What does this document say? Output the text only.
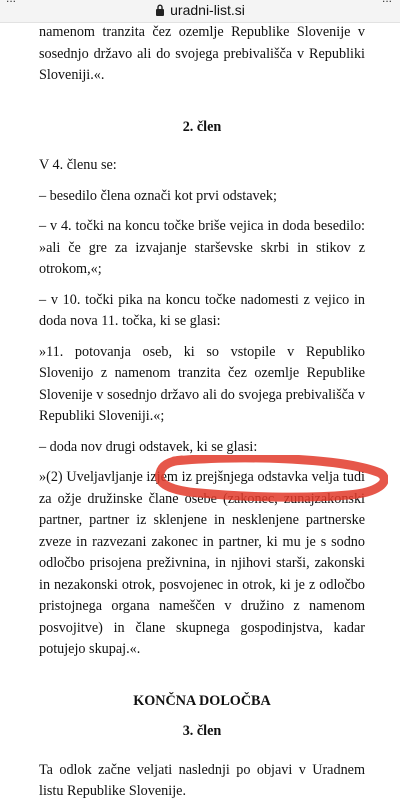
uradni-list.si

namenom tranzita čez ozemlje Republike Slovenije v sosednjo državo ali do svojega prebivališča v Republiki Sloveniji.«.

2. člen

V 4. členu se:

– besedilo člena označi kot prvi odstavek;

– v 4. točki na koncu točke briše vejica in doda besedilo: »ali če gre za izvajanje starševske skrbi in stikov z otrokom,«;

– v 10. točki pika na koncu točke nadomesti z vejico in doda nova 11. točka, ki se glasi:

»11. potovanja oseb, ki so vstopile v Republiko Slovenijo z namenom tranzita čez ozemlje Republike Slovenije v sosednjo državo ali do svojega prebivališča v Republiki Sloveniji.«;

– doda nov drugi odstavek, ki se glasi:

»(2) Uveljavljanje izjem iz prejšnjega odstavka velja tudi za ožje družinske člane osebe (zakonec, zunajzakonski partner, partner iz sklenjene in nesklenjene partnerske zveze in razvezani zakonec in partner, ki mu je s sodno odločbo prisojena preživnina, in njihovi starši, zakonski in nezakonski otrok, posvojenec in otrok, ki je z odločbo pristojnega organa nameščen v družino z namenom posvojitve) in člane skupnega gospodinjstva, kadar potujejo skupaj.«.

KONČNA DOLOČBA

3. člen

Ta odlok začne veljati naslednji po objavi v Uradnem listu Republike Slovenije.
